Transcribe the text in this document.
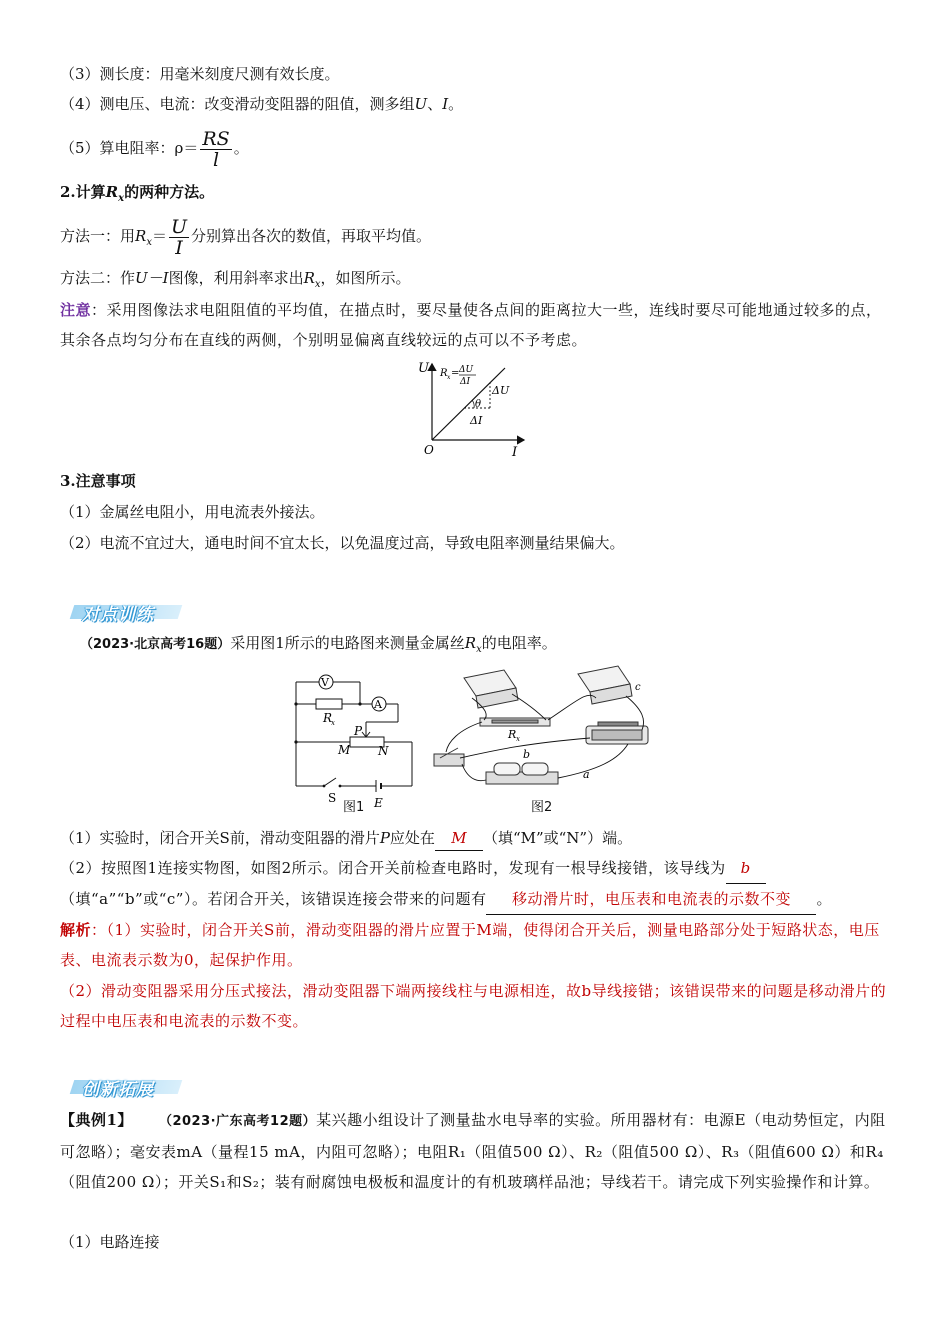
（3）测长度：用毫米刻度尺测有效长度。
（4）测电压、电流：改变滑动变阻器的阻值，测多组U、I。
（5）算电阻率：$\rho= \frac{RS}{l}$ 。
2.计算$R_x$的两种方法。
方法一：用$R_x= \frac{U}{I}$ 分别算出各次的数值，再取平均值。
方法二：作U－I图像，利用斜率求出$R_x$，如图所示。
注意：采用图像法求电阻阻值的平均值，在描点时，要尽量使各点间的距离拉大一些，连线时要尽可能地通过较多的点，其余各点均匀分布在直线的两侧，个别明显偏离直线较远的点可以不予考虑。
U
I
O
R x = ΔU
ΔI
ΔU
θ
ΔI
3.注意事项
（1）金属丝电阻小，用电流表外接法。
（2）电流不宜过大，通电时间不宜太长，以免温度过高，导致电阻率测量结果偏大。
对点训练
（2023·北京高考16题）采用图1所示的电路图来测量金属丝$R_x$的电阻率。
V
A
R
x
P
M N
S	E
图1
c
R x
b
a
图2
（1）实验时，闭合开关S前，滑动变阻器的滑片P应处在 M （填“M”或“N”）端。
（2）按照图1连接实物图，如图2所示。闭合开关前检查电路时，发现有一根导线接错，该导线为 b（填“a”“b”或“c”）。若闭合开关，该错误连接会带来的问题有 移动滑片时，电压表和电流表的示数不变 。
解析：（1）实验时，闭合开关S前，滑动变阻器的滑片应置于M端，使得闭合开关后，测量电路部分处于短路状态，电压表、电流表示数为0，起保护作用。
（2）滑动变阻器采用分压式接法，滑动变阻器下端两接线柱与电源相连，故b导线接错；该错误带来的问题是移动滑片的过程中电压表和电流表的示数不变。
创新拓展
【典例1】 （2023·广东高考12题）某兴趣小组设计了测量盐水电导率的实验。所用器材有：电源E（电动势恒定，内阻可忽略）；毫安表mA（量程15 mA，内阻可忽略）；电阻R₁（阻值500 Ω）、R₂（阻值500 Ω）、R₃（阻值600 Ω）和R₄（阻值200 Ω）；开关S₁和S₂；装有耐腐蚀电极板和温度计的有机玻璃样品池；导线若干。请完成下列实验操作和计算。
（1）电路连接
